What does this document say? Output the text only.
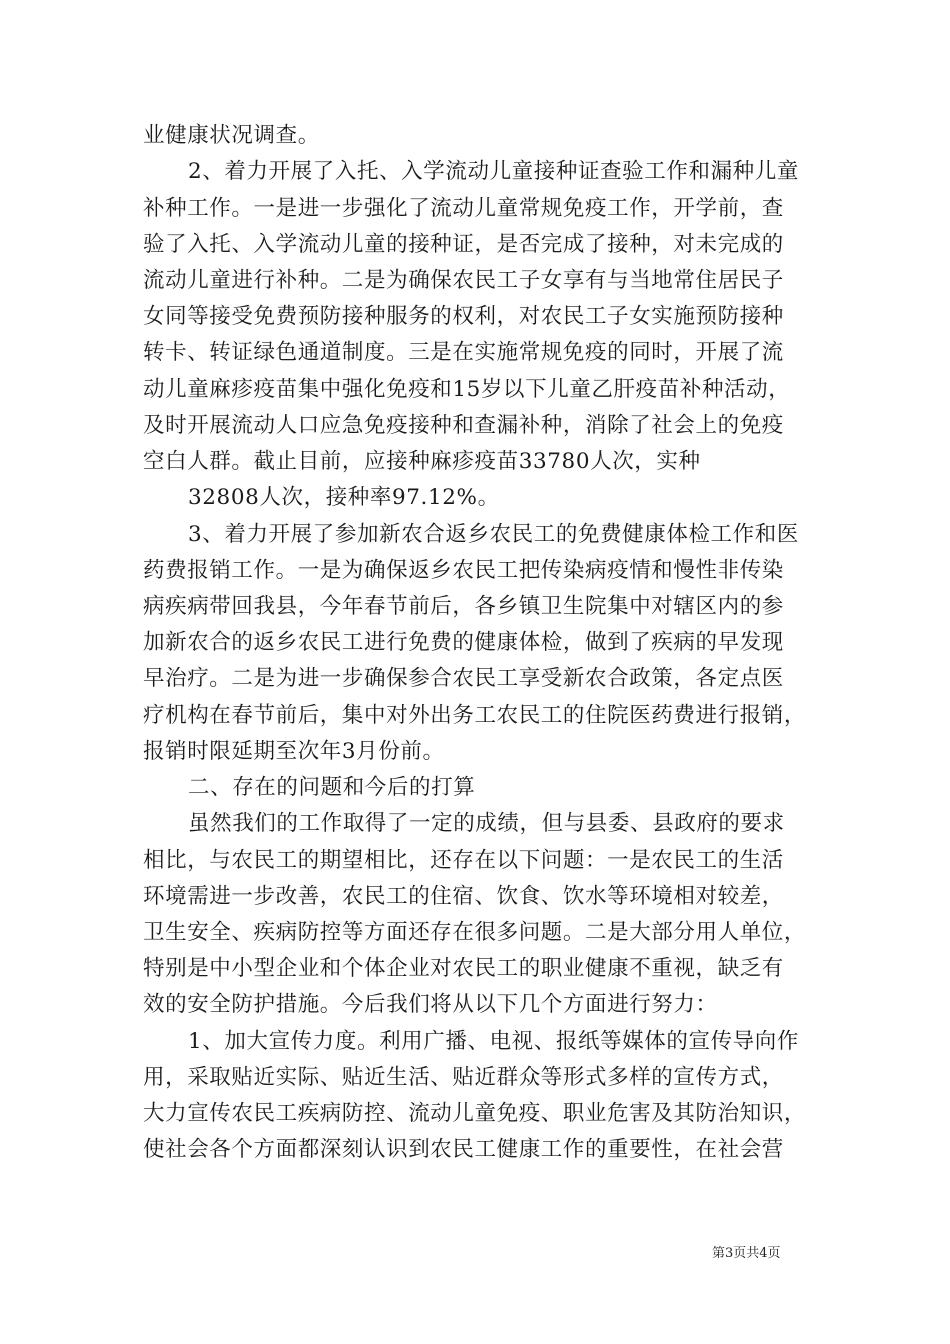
业健康状况调查。
2、着力开展了入托、入学流动儿童接种证查验工作和漏种儿童
补种工作。一是进一步强化了流动儿童常规免疫工作，开学前，查
验了入托、入学流动儿童的接种证，是否完成了接种，对未完成的
流动儿童进行补种。二是为确保农民工子女享有与当地常住居民子
女同等接受免费预防接种服务的权利，对农民工子女实施预防接种
转卡、转证绿色通道制度。三是在实施常规免疫的同时，开展了流
动儿童麻疹疫苗集中强化免疫和15岁以下儿童乙肝疫苗补种活动，
及时开展流动人口应急免疫接种和查漏补种，消除了社会上的免疫
空白人群。截止目前，应接种麻疹疫苗33780人次，实种
32808人次，接种率97.12%。
3、着力开展了参加新农合返乡农民工的免费健康体检工作和医
药费报销工作。一是为确保返乡农民工把传染病疫情和慢性非传染
病疾病带回我县，今年春节前后，各乡镇卫生院集中对辖区内的参
加新农合的返乡农民工进行免费的健康体检，做到了疾病的早发现
早治疗。二是为进一步确保参合农民工享受新农合政策，各定点医
疗机构在春节前后，集中对外出务工农民工的住院医药费进行报销，
报销时限延期至次年3月份前。
二、存在的问题和今后的打算
虽然我们的工作取得了一定的成绩，但与县委、县政府的要求
相比，与农民工的期望相比，还存在以下问题：一是农民工的生活
环境需进一步改善，农民工的住宿、饮食、饮水等环境相对较差，
卫生安全、疾病防控等方面还存在很多问题。二是大部分用人单位，
特别是中小型企业和个体企业对农民工的职业健康不重视，缺乏有
效的安全防护措施。今后我们将从以下几个方面进行努力：
1、加大宣传力度。利用广播、电视、报纸等媒体的宣传导向作
用，采取贴近实际、贴近生活、贴近群众等形式多样的宣传方式，
大力宣传农民工疾病防控、流动儿童免疫、职业危害及其防治知识，
使社会各个方面都深刻认识到农民工健康工作的重要性，在社会营
第3页共4页
